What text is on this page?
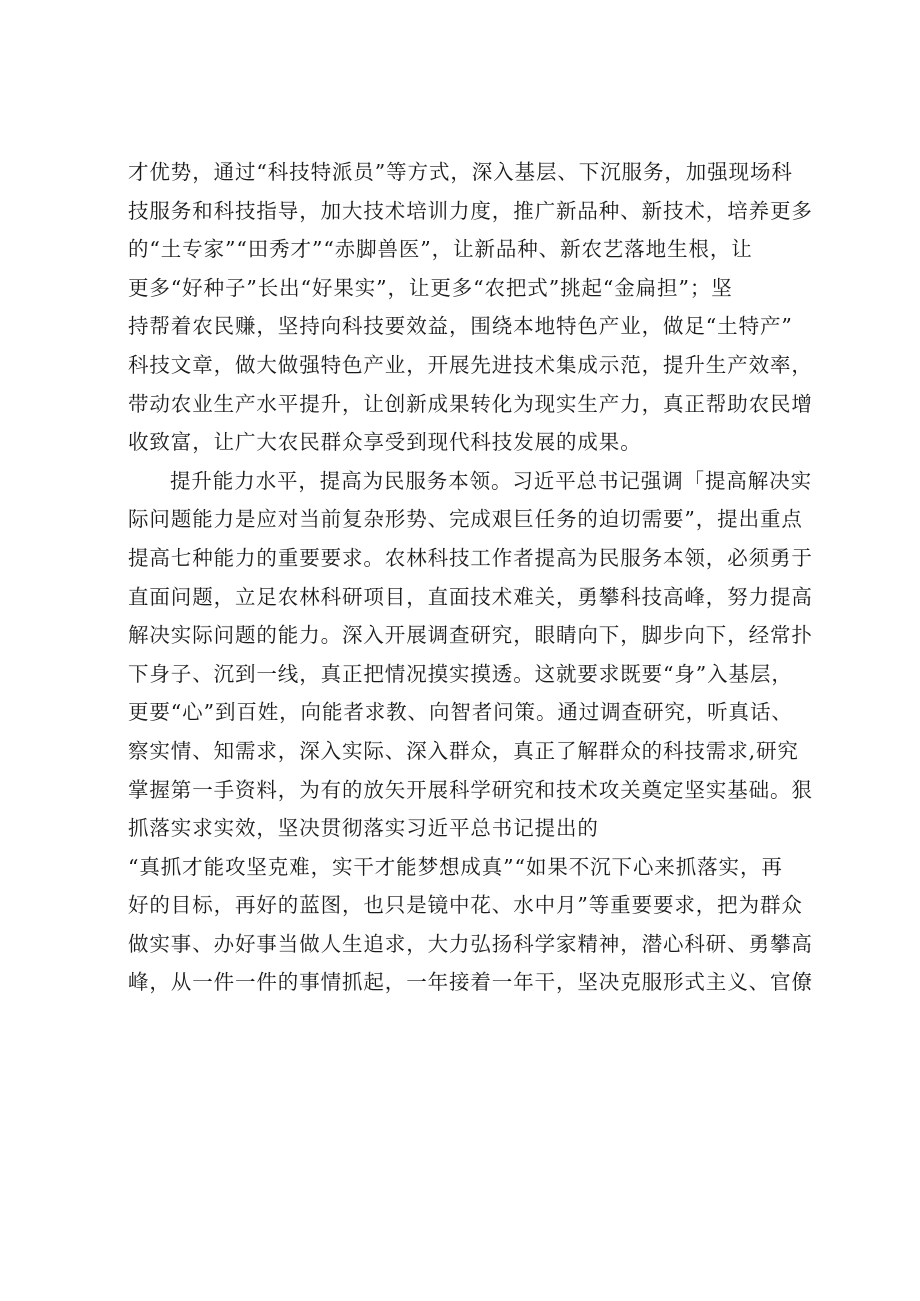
才优势，通过“科技特派员”等方式，深入基层、下沉服务，加强现场科
技服务和科技指导，加大技术培训力度，推广新品种、新技术，培养更多
的“土专家”“田秀才”“赤脚兽医”，让新品种、新农艺落地生根，让
更多“好种子”长出“好果实”，让更多“农把式”挑起“金扁担”；坚
持帮着农民赚，坚持向科技要效益，围绕本地特色产业，做足“土特产”
科技文章，做大做强特色产业，开展先进技术集成示范，提升生产效率，
带动农业生产水平提升，让创新成果转化为现实生产力，真正帮助农民增
收致富，让广大农民群众享受到现代科技发展的成果。
提升能力水平，提高为民服务本领。习近平总书记强调「提高解决实
际问题能力是应对当前复杂形势、完成艰巨任务的迫切需要”，提出重点
提高七种能力的重要要求。农林科技工作者提高为民服务本领，必须勇于
直面问题，立足农林科研项目，直面技术难关，勇攀科技高峰，努力提高
解决实际问题的能力。深入开展调查研究，眼睛向下，脚步向下，经常扑
下身子、沉到一线，真正把情况摸实摸透。这就要求既要“身”入基层，
更要“心”到百姓，向能者求教、向智者问策。通过调查研究，听真话、
察实情、知需求，深入实际、深入群众，真正了解群众的科技需求,研究
掌握第一手资料，为有的放矢开展科学研究和技术攻关奠定坚实基础。狠
抓落实求实效，坚决贯彻落实习近平总书记提出的
“真抓才能攻坚克难，实干才能梦想成真”“如果不沉下心来抓落实，再
好的目标，再好的蓝图，也只是镜中花、水中月”等重要要求，把为群众
做实事、办好事当做人生追求，大力弘扬科学家精神，潜心科研、勇攀高
峰，从一件一件的事情抓起，一年接着一年干，坚决克服形式主义、官僚
